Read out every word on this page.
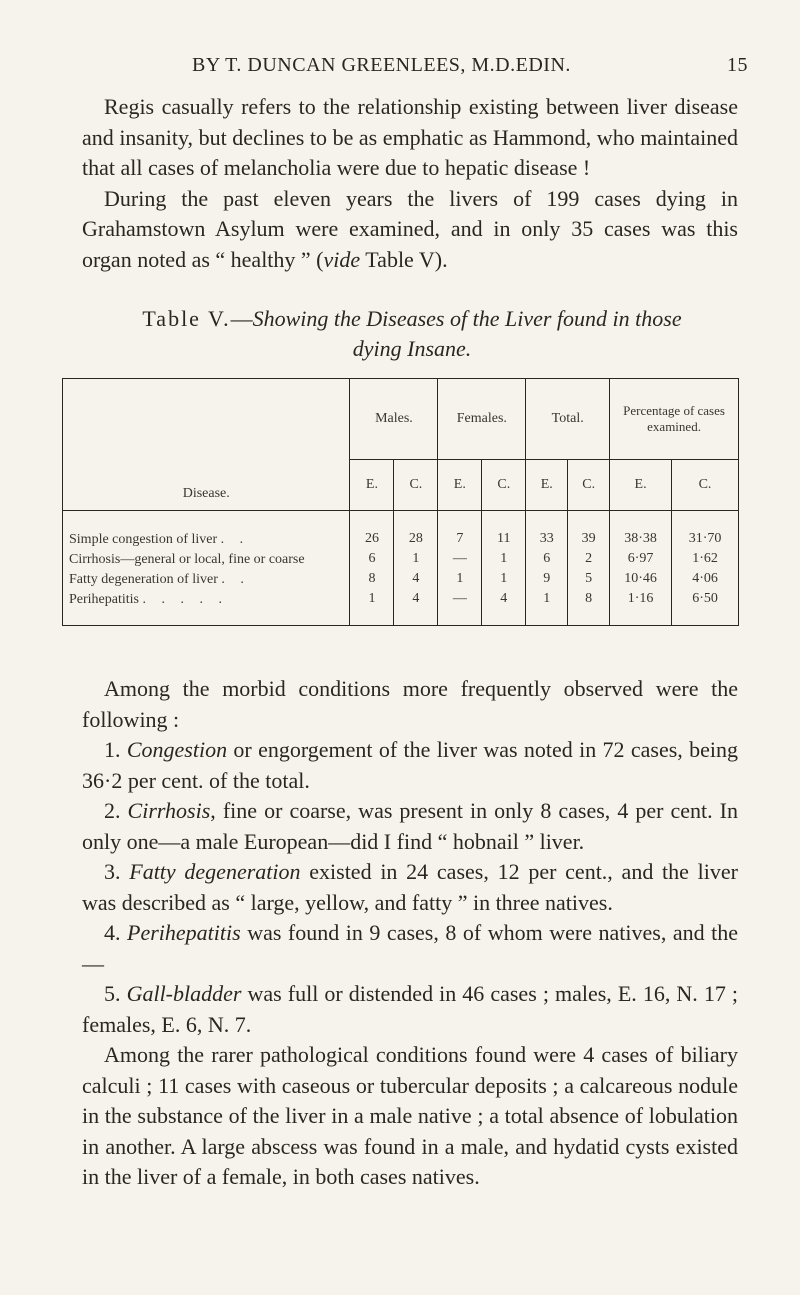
BY T. DUNCAN GREENLEES, M.D.EDIN.	15

Regis casually refers to the relationship existing between liver disease and insanity, but declines to be as emphatic as Hammond, who maintained that all cases of melancholia were due to hepatic disease !

During the past eleven years the livers of 199 cases dying in Grahamstown Asylum were examined, and in only 35 cases was this organ noted as “ healthy ” (vide Table V).

Table V.—Showing the Diseases of the Liver found in those
dying Insane.
Disease.	Males.		Females.		Total.		Percentage of cases examined.	
	E.	C.	E.	C.	E.	C.	E.	C.
Simple congestion of liver . .	26	28	7	11	33	39	38·38	31·70
Cirrhosis—general or local, fine or coarse	6	1	—	1	6	2	6·97	1·62
Fatty degeneration of liver . .	8	4	1	1	9	5	10·46	4·06
Perihepatitis . . . . .	1	4	—	4	1	8	1·16	6·50

Among the morbid conditions more frequently observed were the following :

1. Congestion or engorgement of the liver was noted in 72 cases, being 36·2 per cent. of the total.

2. Cirrhosis, fine or coarse, was present in only 8 cases, 4 per cent. In only one—a male European—did I find “ hobnail ” liver.

3. Fatty degeneration existed in 24 cases, 12 per cent., and the liver was described as “ large, yellow, and fatty ” in three natives.

4. Perihepatitis was found in 9 cases, 8 of whom were natives, and the—

5. Gall-bladder was full or distended in 46 cases ; males, E. 16, N. 17 ; females, E. 6, N. 7.

Among the rarer pathological conditions found were 4 cases of biliary calculi ; 11 cases with caseous or tubercular deposits ; a calcareous nodule in the substance of the liver in a male native ; a total absence of lobulation in another. A large abscess was found in a male, and hydatid cysts existed in the liver of a female, in both cases natives.
